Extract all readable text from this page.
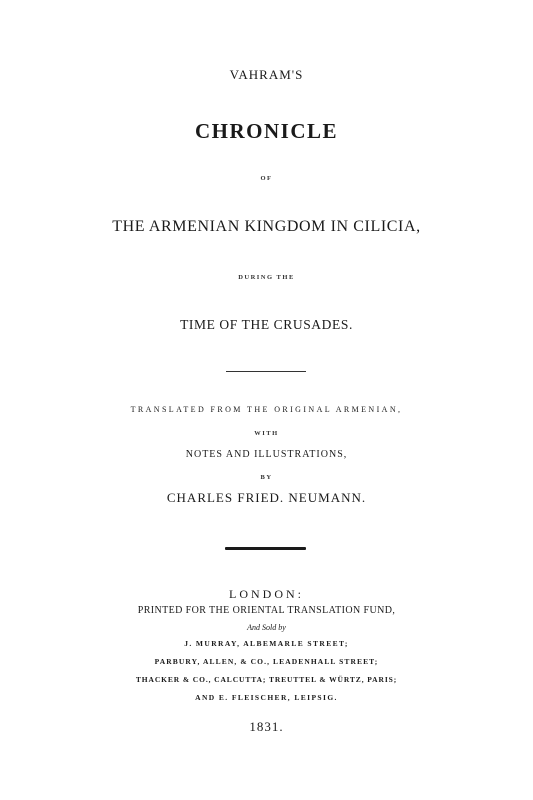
VAHRAM'S
CHRONICLE
OF
THE ARMENIAN KINGDOM IN CILICIA,
DURING THE
TIME OF THE CRUSADES.
TRANSLATED FROM THE ORIGINAL ARMENIAN,
WITH
NOTES AND ILLUSTRATIONS,
BY
CHARLES FRIED. NEUMANN.
LONDON:
PRINTED FOR THE ORIENTAL TRANSLATION FUND,
And Sold by
J. MURRAY, ALBEMARLE STREET;
PARBURY, ALLEN, & CO., LEADENHALL STREET;
THACKER & CO., CALCUTTA; TREUTTEL & WÜRTZ, PARIS;
AND E. FLEISCHER, LEIPSIG.
1831.
